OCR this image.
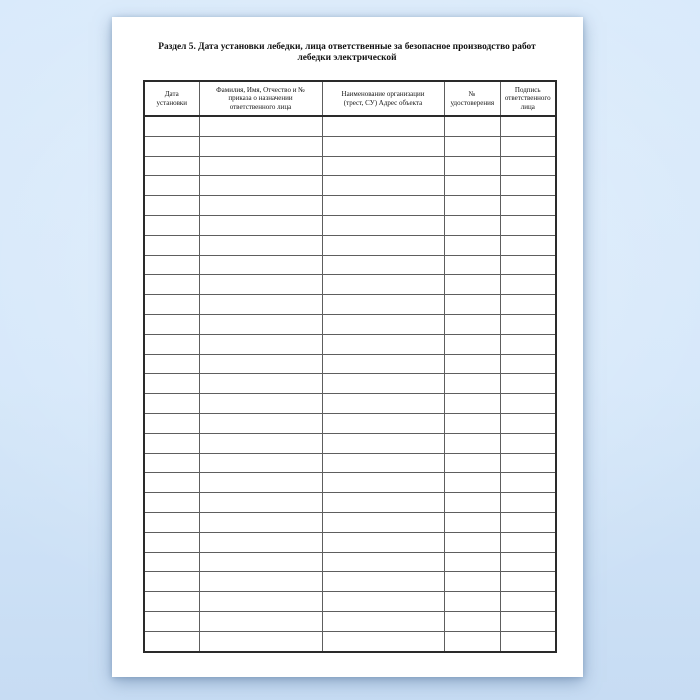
Раздел 5. Дата установки лебедки, лица ответственные за безопасное производство работ лебедки электрической
Дата установки	Фамилия, Имя, Отчество и № приказа о назначении ответственного лица	Наименование организации (трест, СУ) Адрес объекта	№ удостоверения	Подпись ответственного лица
